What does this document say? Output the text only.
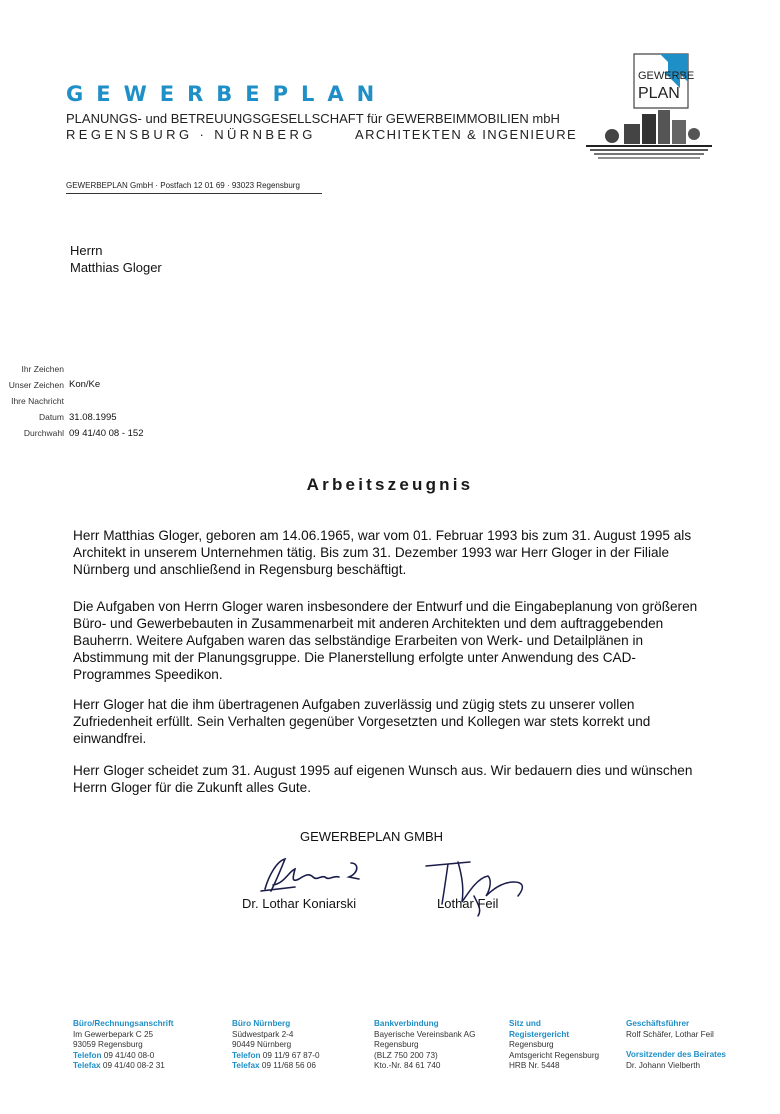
GEWERBEPLAN
PLANUNGS- und BETREUUNGSGESELLSCHAFT für GEWERBEIMMOBILIEN mbH
REGENSBURG · NÜRNBERG	ARCHITEKTEN & INGENIEURE
GEWERBE
PLAN
GEWERBEPLAN GmbH · Postfach 12 01 69 · 93023 Regensburg
Herrn
Matthias Gloger
Ihr Zeichen
Unser Zeichen Kon/Ke
Ihre Nachricht
Datum 31.08.1995
Durchwahl 09 41/40 08 - 152
Arbeitszeugnis
Herr Matthias Gloger, geboren am 14.06.1965, war vom 01. Februar 1993 bis zum 31. August 1995 als Architekt in unserem Unternehmen tätig. Bis zum 31. Dezember 1993 war Herr Gloger in der Filiale Nürnberg und anschließend in Regensburg beschäftigt.
Die Aufgaben von Herrn Gloger waren insbesondere der Entwurf und die Eingabeplanung von größeren Büro- und Gewerbebauten in Zusammenarbeit mit anderen Architekten und dem auftraggebenden Bauherrn. Weitere Aufgaben waren das selbständige Erarbeiten von Werk- und Detailplänen in Abstimmung mit der Planungsgruppe. Die Planerstellung erfolgte unter Anwendung des CAD-Programmes Speedikon.
Herr Gloger hat die ihm übertragenen Aufgaben zuverlässig und zügig stets zu unserer vollen Zufriedenheit erfüllt. Sein Verhalten gegenüber Vorgesetzten und Kollegen war stets korrekt und einwandfrei.
Herr Gloger scheidet zum 31. August 1995 auf eigenen Wunsch aus. Wir bedauern dies und wünschen Herrn Gloger für die Zukunft alles Gute.
GEWERBEPLAN GMBH
Dr. Lothar Koniarski	Lothar Feil
Büro/Rechnungsanschrift
Im Gewerbepark C 25
93059 Regensburg
Telefon 09 41/40 08-0
Telefax 09 41/40 08-2 31
Büro Nürnberg
Südwestpark 2-4
90449 Nürnberg
Telefon 09 11/9 67 87-0
Telefax 09 11/68 56 06
Bankverbindung
Bayerische Vereinsbank AG
Regensburg
(BLZ 750 200 73)
Kto.-Nr. 84 61 740
Sitz und
Registergericht
Regensburg
Amtsgericht Regensburg
HRB Nr. 5448
Geschäftsführer
Rolf Schäfer, Lothar Feil
Vorsitzender des Beirates
Dr. Johann Vielberth
